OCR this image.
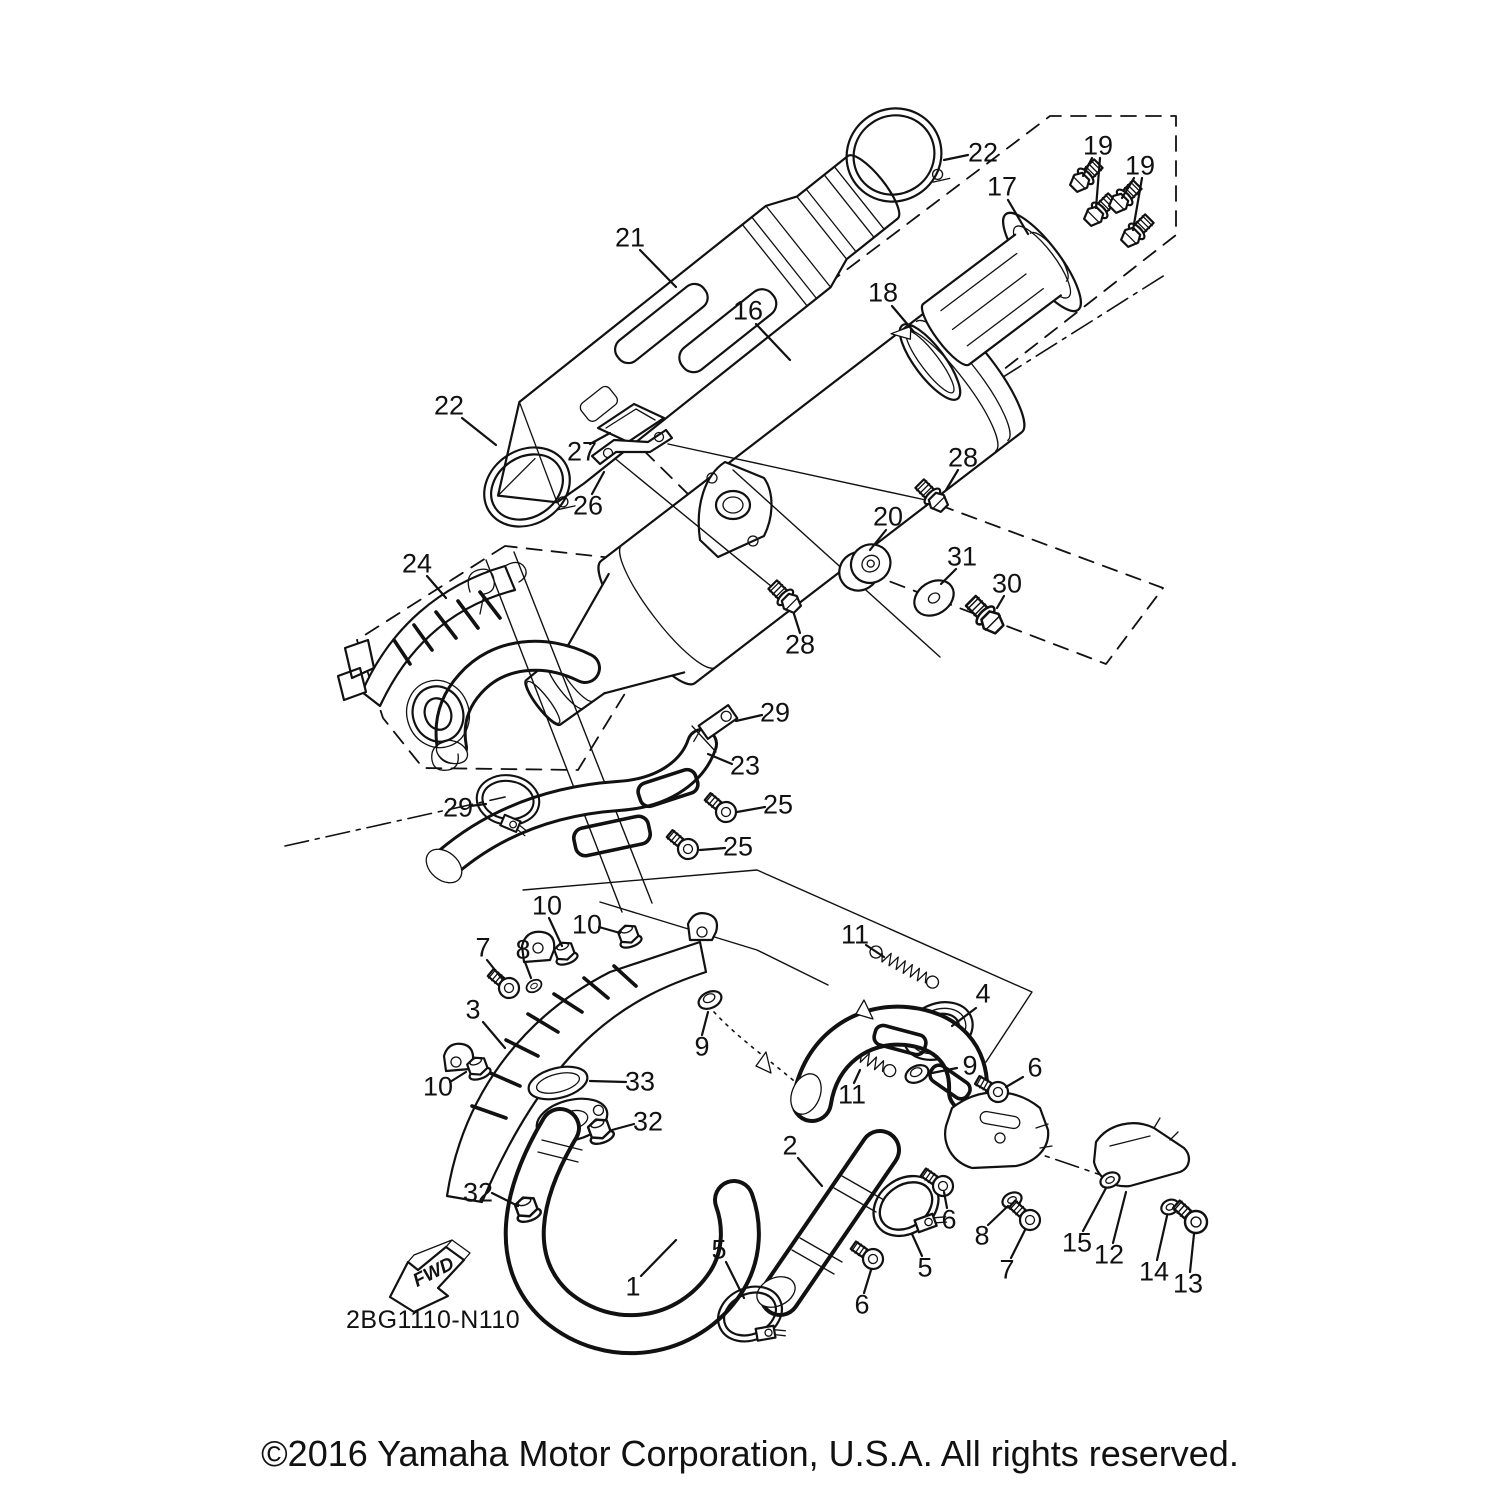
22	19
19
17
21
18
16
22
27	28
26	20
31
24
30
28
29
23
25
29
25
10
10	11
7 8
4
3
9
9 6
33
10	11
32
2
32
6
8	15
5	12
5 7	14 13
1
6
FWD
2BG1110-N110
©2016 Yamaha Motor Corporation, U.S.A. All rights reserved.
